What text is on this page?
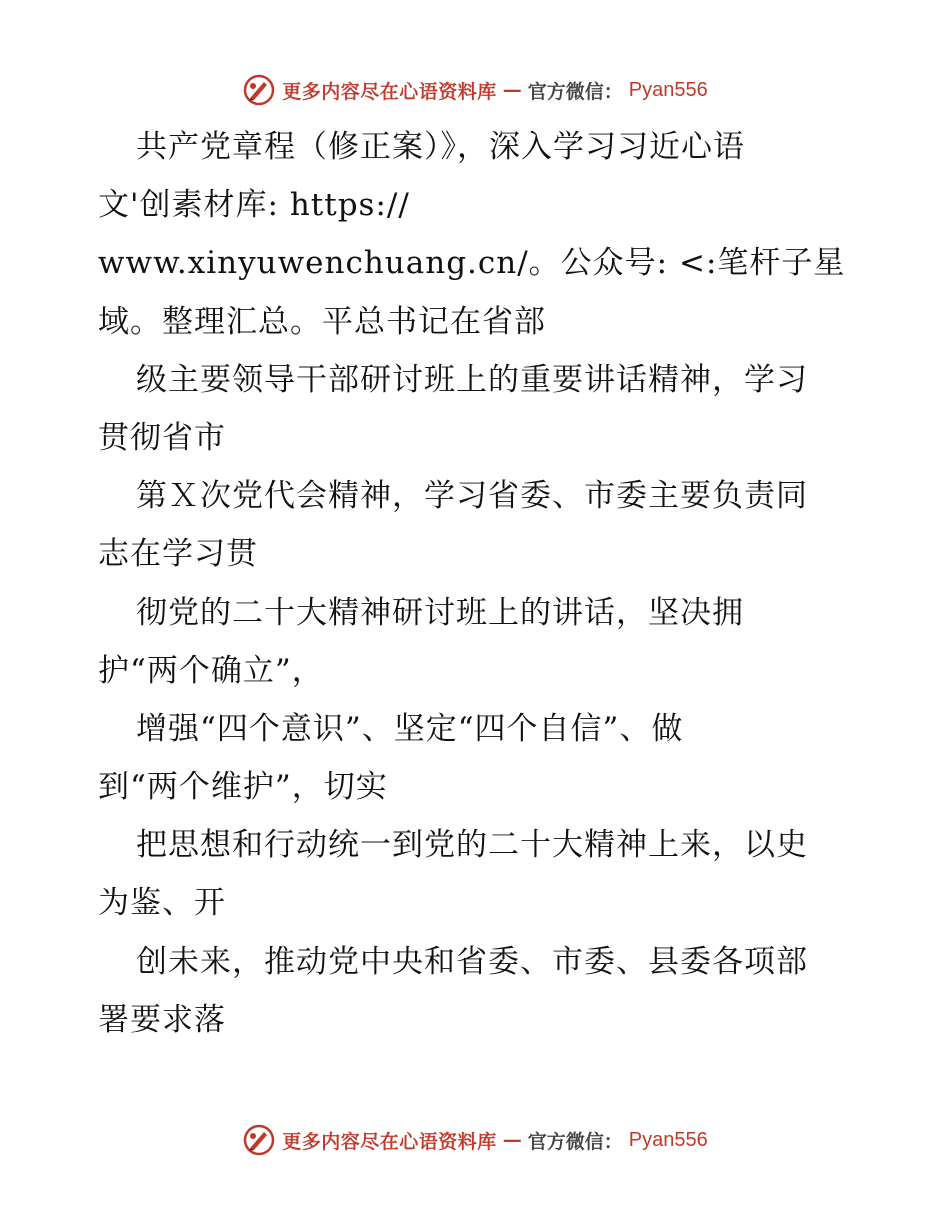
更多内容尽在心语资料库 — 官方微信： Pyan556
共产党章程（修正案）》，深入学习习近心语
文'创素材库: https://
www.xinyuwenchuang.cn/。公众号: <:笔杆子星
域。整理汇总。平总书记在省部
级主要领导干部研讨班上的重要讲话精神，学习
贯彻省市
第Ｘ次党代会精神，学习省委、市委主要负责同
志在学习贯
彻党的二十大精神研讨班上的讲话，坚决拥
护“两个确立”，
增强“四个意识”、坚定“四个自信”、做
到“两个维护”，切实
把思想和行动统一到党的二十大精神上来，以史
为鉴、开
创未来，推动党中央和省委、市委、县委各项部
署要求落
更多内容尽在心语资料库 — 官方微信： Pyan556
